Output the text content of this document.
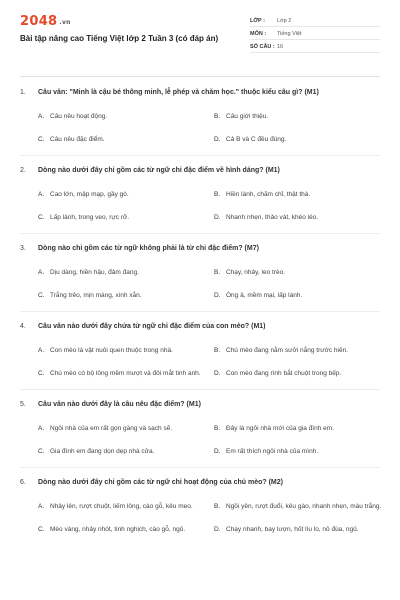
2048 .vn
Bài tập nâng cao Tiếng Việt lớp 2 Tuần 3 (có đáp án)
LỚP :	Lớp 2
MÔN :	Tiếng Việt
SỐ CÂU : 16
1.	Câu văn: "Minh là cậu bé thông minh, lễ phép và chăm học." thuộc kiểu câu gì? (M1)
A. Câu nêu hoạt động.	B. Câu giới thiệu.
C. Câu nêu đặc điểm.	D. Cả B và C đều đúng.
2.	Dòng nào dưới đây chỉ gồm các từ ngữ chỉ đặc điểm về hình dáng? (M1)
A. Cao lớn, mập mạp, gầy gò.	B. Hiền lành, chăm chỉ, thật thà.
C. Lấp lánh, trong veo, rực rỡ.	D. Nhanh nhẹn, thảo vát, khéo léo.
3.	Dòng nào chỉ gồm các từ ngữ không phải là từ chỉ đặc điểm? (M7)
A. Dịu dàng, hiền hậu, đảm đang.	B. Chạy, nhảy, leo trèo.
C. Trắng trẻo, mịn màng, xinh xắn.	D. Óng ả, mềm mại, lấp lánh.
4.	Câu văn nào dưới đây chứa từ ngữ chỉ đặc điểm của con mèo? (M1)
A. Con mèo là vật nuôi quen thuộc trong nhà.	B. Chú mèo đang nằm sưởi nắng trước hiên.
C. Chú mèo có bộ lông mềm mượt và đôi mắt tinh anh. D. Con mèo đang rình bắt chuột trong bếp.
5.	Câu văn nào dưới đây là câu nêu đặc điểm? (M1)
A. Ngôi nhà của em rất gọn gàng và sạch sẽ.	B. Đây là ngôi nhà mới của gia đình em.
C. Gia đình em đang dọn dẹp nhà cửa.	D. Em rất thích ngôi nhà của mình.
6.	Dòng nào dưới đây chỉ gồm các từ ngữ chỉ hoạt động của chú mèo? (M2)
A. Nhảy lên, rượt chuột, liếm lông, cào gỗ, kêu meo.	B. Ngồi yên, rượt đuổi, kêu gào, nhanh nhẹn, màu trắng.
C. Mèo vàng, nhảy nhót, tinh nghịch, cào gỗ, ngủ.	D. Chạy nhanh, bay lượn, hốt lìu lo, nô đùa, ngủ.
